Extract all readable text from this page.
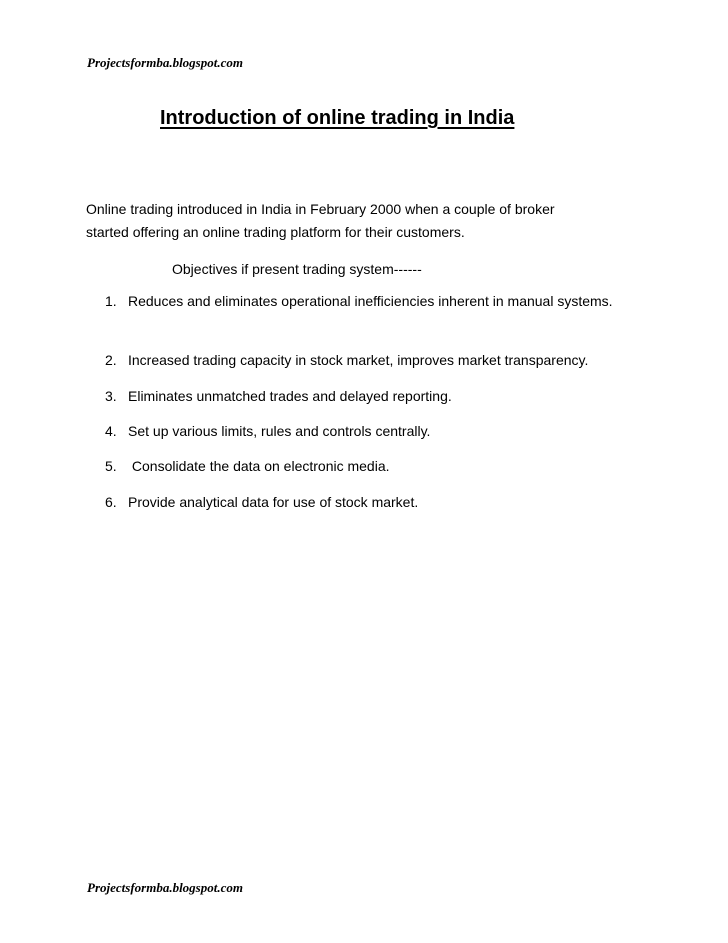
Projectsformba.blogspot.com
Introduction of online trading in India

Online trading introduced in India in February 2000 when a couple of broker

started offering an online trading platform for their customers.

Objectives if present trading system------
1. Reduces and eliminates operational inefficiencies inherent in manual systems.
2. Increased trading capacity in stock market, improves market transparency.
3. Eliminates unmatched trades and delayed reporting.
4. Set up various limits, rules and controls centrally.
5. Consolidate the data on electronic media.
6. Provide analytical data for use of stock market.
Projectsformba.blogspot.com
